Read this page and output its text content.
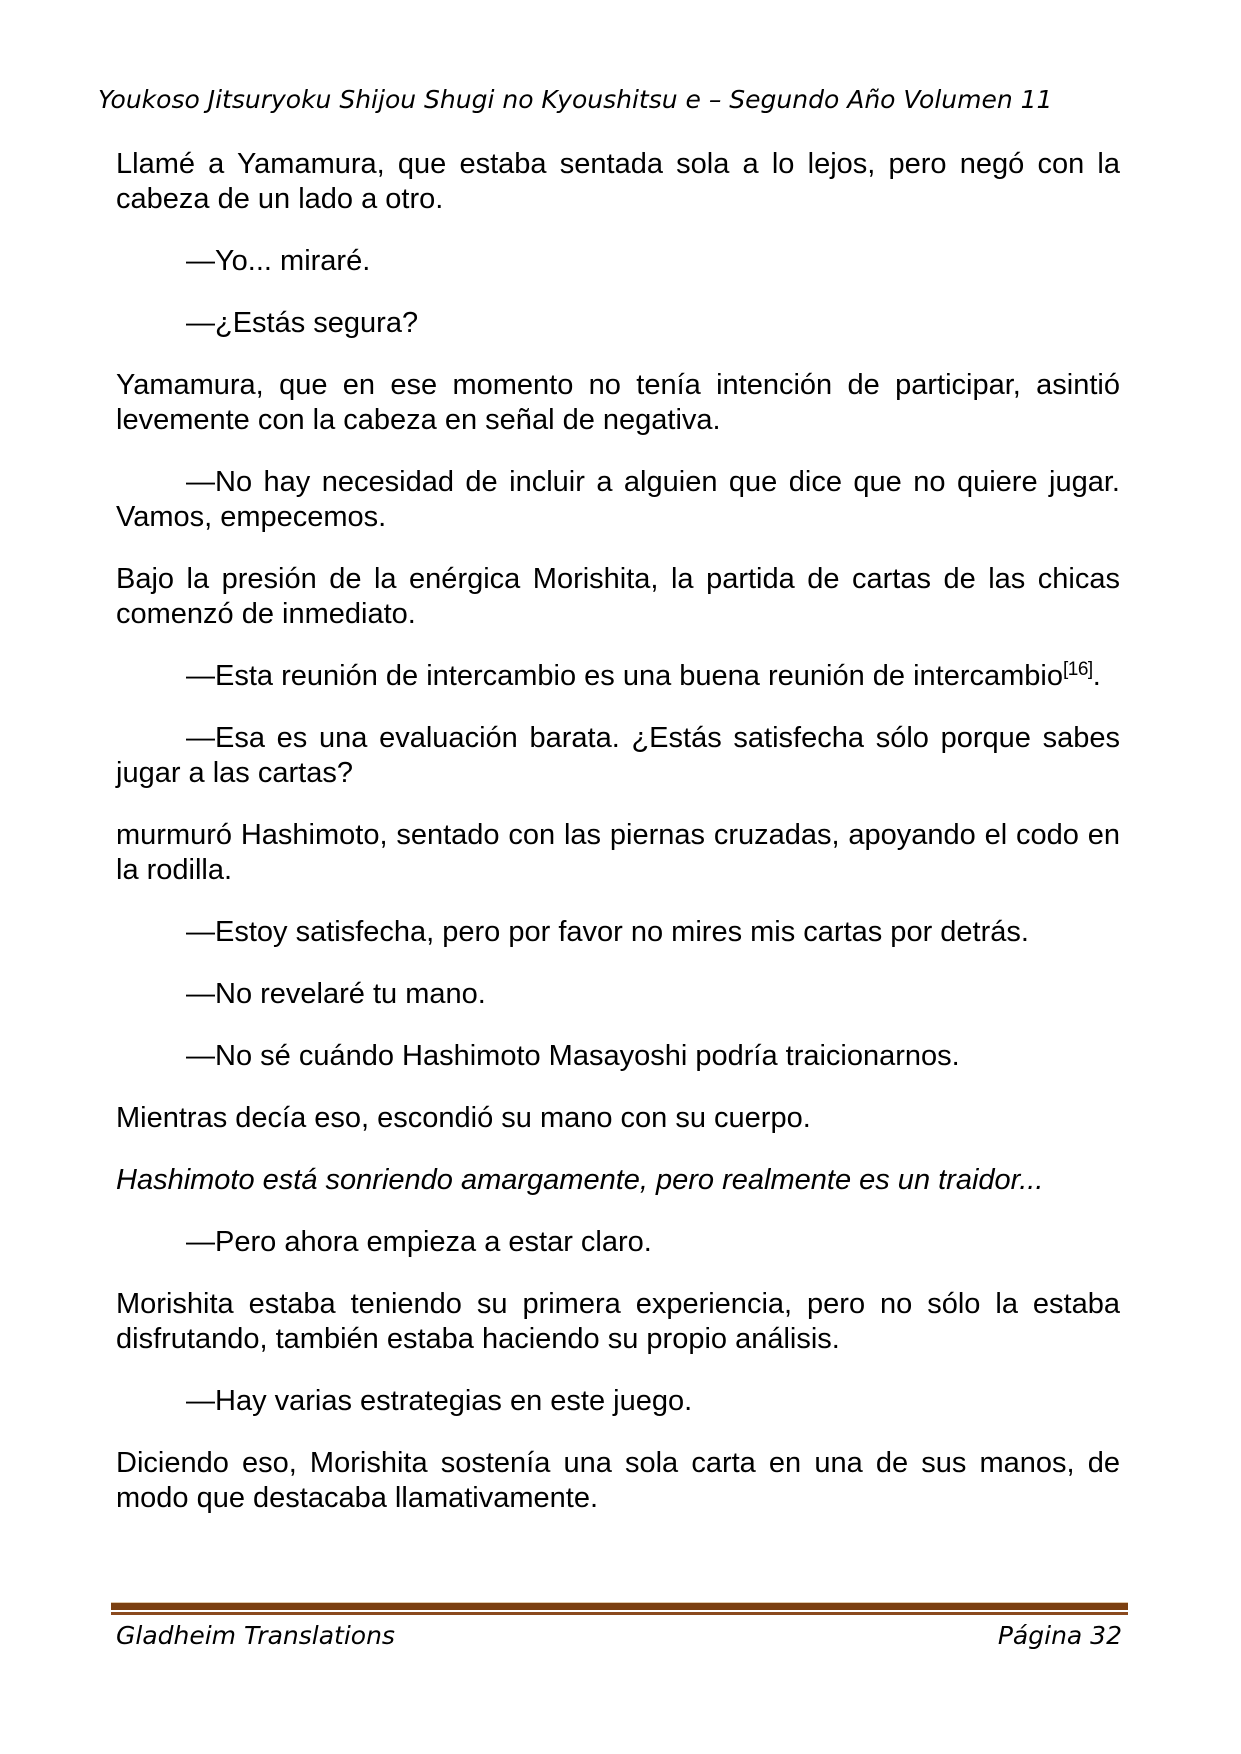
Youkoso Jitsuryoku Shijou Shugi no Kyoushitsu e – Segundo Año Volumen 11

Llamé a Yamamura, que estaba sentada sola a lo lejos, pero negó con la cabeza de un lado a otro.

—Yo... miraré.

—¿Estás segura?

Yamamura, que en ese momento no tenía intención de participar, asintió levemente con la cabeza en señal de negativa.

—No hay necesidad de incluir a alguien que dice que no quiere jugar. Vamos, empecemos.

Bajo la presión de la enérgica Morishita, la partida de cartas de las chicas comenzó de inmediato.

—Esta reunión de intercambio es una buena reunión de intercambio[16].

—Esa es una evaluación barata. ¿Estás satisfecha sólo porque sabes jugar a las cartas?

murmuró Hashimoto, sentado con las piernas cruzadas, apoyando el codo en la rodilla.

—Estoy satisfecha, pero por favor no mires mis cartas por detrás.

—No revelaré tu mano.

—No sé cuándo Hashimoto Masayoshi podría traicionarnos.

Mientras decía eso, escondió su mano con su cuerpo.

Hashimoto está sonriendo amargamente, pero realmente es un traidor...

—Pero ahora empieza a estar claro.

Morishita estaba teniendo su primera experiencia, pero no sólo la estaba disfrutando, también estaba haciendo su propio análisis.

—Hay varias estrategias en este juego.

Diciendo eso, Morishita sostenía una sola carta en una de sus manos, de modo que destacaba llamativamente.

Gladheim Translations	Página 32
